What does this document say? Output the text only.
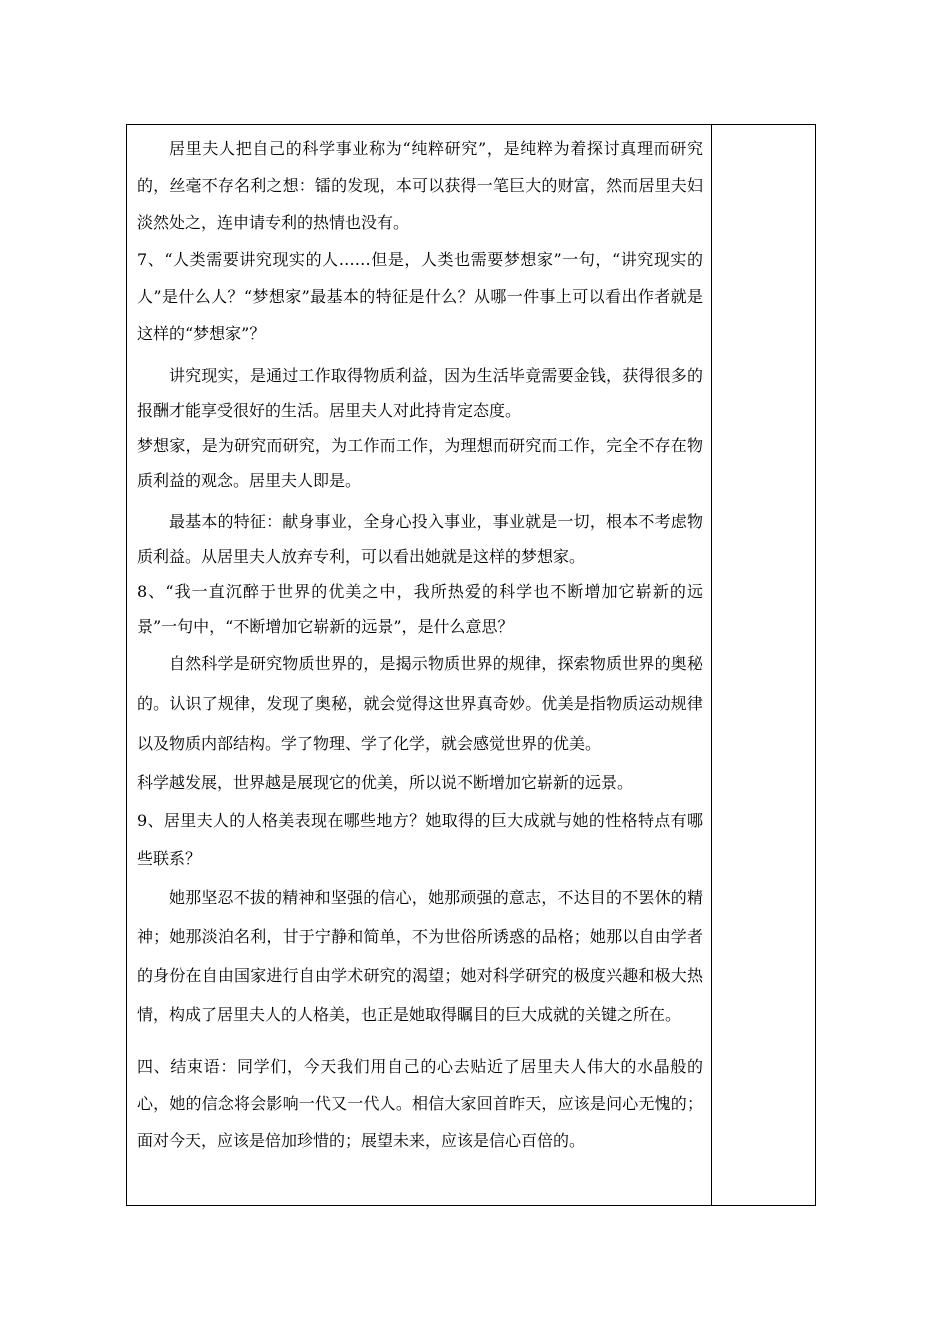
居里夫人把自己的科学事业称为“纯粹研究”，是纯粹为着探讨真理而研究的，丝毫不存名利之想：镭的发现，本可以获得一笔巨大的财富，然而居里夫妇淡然处之，连申请专利的热情也没有。

7、“人类需要讲究现实的人……但是，人类也需要梦想家”一句，“讲究现实的人”是什么人？“梦想家”最基本的特征是什么？从哪一件事上可以看出作者就是这样的“梦想家”？

讲究现实，是通过工作取得物质利益，因为生活毕竟需要金钱，获得很多的报酬才能享受很好的生活。居里夫人对此持肯定态度。

梦想家，是为研究而研究，为工作而工作，为理想而研究而工作，完全不存在物质利益的观念。居里夫人即是。

最基本的特征：献身事业，全身心投入事业，事业就是一切，根本不考虑物质利益。从居里夫人放弃专利，可以看出她就是这样的梦想家。

8、“我一直沉醉于世界的优美之中，我所热爱的科学也不断增加它崭新的远景”一句中，“不断增加它崭新的远景”，是什么意思？

自然科学是研究物质世界的，是揭示物质世界的规律，探索物质世界的奥秘的。认识了规律，发现了奥秘，就会觉得这世界真奇妙。优美是指物质运动规律以及物质内部结构。学了物理、学了化学，就会感觉世界的优美。

科学越发展，世界越是展现它的优美，所以说不断增加它崭新的远景。

9、居里夫人的人格美表现在哪些地方？她取得的巨大成就与她的性格特点有哪些联系？

她那坚忍不拔的精神和坚强的信心，她那顽强的意志，不达目的不罢休的精神；她那淡泊名利，甘于宁静和简单，不为世俗所诱惑的品格；她那以自由学者的身份在自由国家进行自由学术研究的渴望；她对科学研究的极度兴趣和极大热情，构成了居里夫人的人格美，也正是她取得瞩目的巨大成就的关键之所在。

四、结束语：同学们，今天我们用自己的心去贴近了居里夫人伟大的水晶般的心，她的信念将会影响一代又一代人。相信大家回首昨天，应该是问心无愧的；面对今天，应该是倍加珍惜的；展望未来，应该是信心百倍的。
